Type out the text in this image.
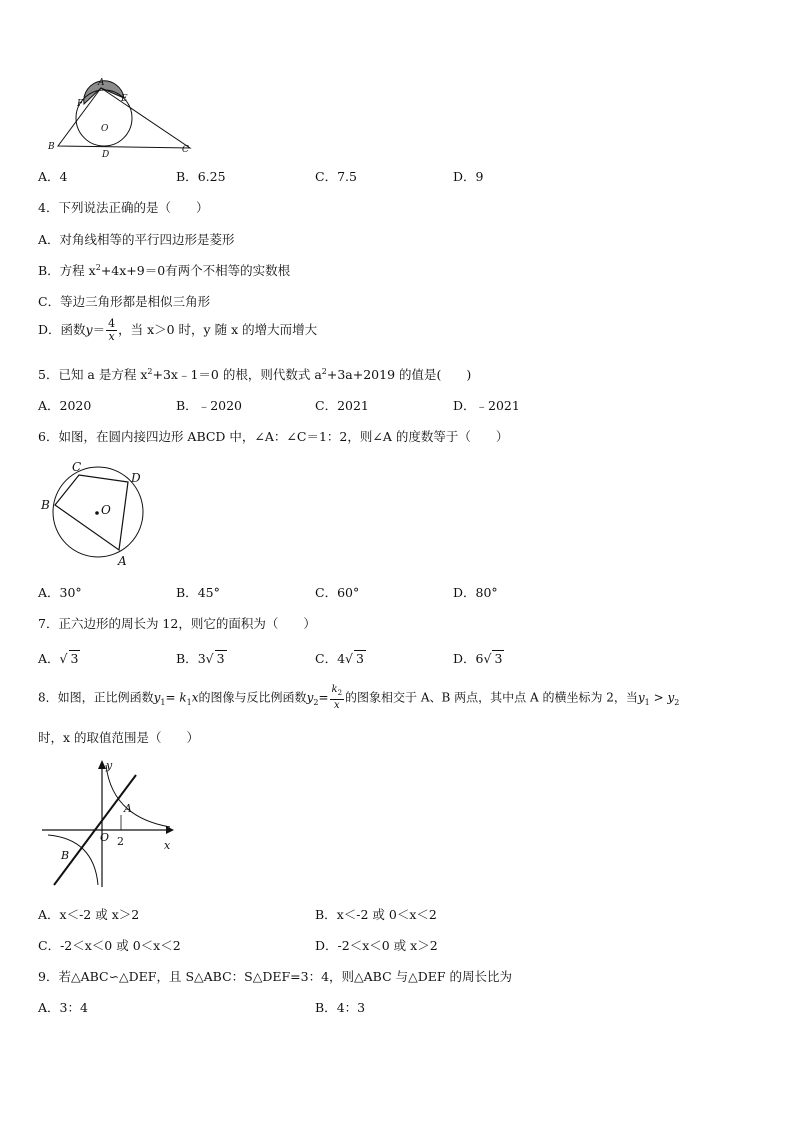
A
E
F
O
B
D	C
A．4	B．6.25	C．7.5	D．9
4．下列说法正确的是（　　）
A．对角线相等的平行四边形是菱形
B．方程 $x^2+4x+9=0$有两个不相等的实数根
C．等边三角形都是相似三角形
D．函数$y= \frac{4}{x}$ ，当 x＞0 时，y 随 x 的增大而增大
5．已知 a 是方程 $x^2+3x﹣1=0$ 的根，则代数式 $a^2+3a+2019$ 的值是(　　)
A．2020	B．﹣2020	C．2021	D．﹣2021
6．如图，在圆内接四边形 ABCD 中，∠A：∠C＝1：2，则∠A 的度数等于（　　）
C
D
B	O
A
A．30°	B．45°	C．60°	D．80°
7．正六边形的周长为 12，则它的面积为（　　）
A．√ 3	B．3√ 3	C．4√ 3	D．6√ 3
8．如图，正比例函数$y_1= k_1x$的图像与反比例函数$y_2= \frac{k_2}{x}$ 的图象相交于 A、B 两点，其中点 A 的横坐标为 2，当$y_1 > y_2$
时，x 的取值范围是（　　）
y
x
O
A
B
2
A．x＜-2 或 x＞2	B．x＜-2 或 0＜x＜2
C．-2＜x＜0 或 0＜x＜2	D．-2＜x＜0 或 x＞2
9．若△ABC∽△DEF，且 S△ABC：S△DEF=3：4，则△ABC 与△DEF 的周长比为
A．3：4	B．4：3
